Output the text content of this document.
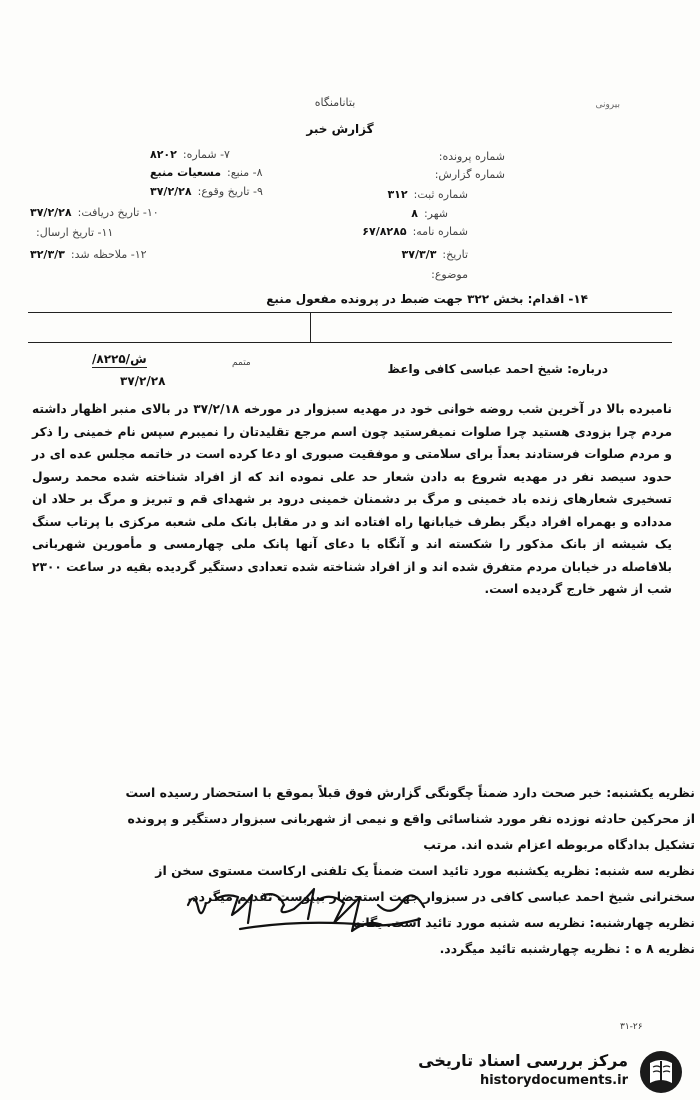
بیرونی
بتانامنگاه
گزارش خبر
شماره پرونده:
شماره گزارش:
شماره ثبت:۳۱۲
شهر:۸
شماره نامه:۶۷/۸۲۸۵
تاریخ:۳۷/۳/۳
موضوع:
۷- شماره:۸۲۰۲
۸- منبع:مسعیات منبع
۹- تاریخ وقوع:۳۷/۲/۲۸
۱۰- تاریخ دریافت:۳۷/۲/۲۸
۱۱- تاریخ ارسال:
۱۲- ملاحظه شد:۳۲/۳/۳
۱۴- اقدام: بخش ۳۲۲ جهت ضبط در پرونده مفعول منبع
درباره: شیخ احمد عباسی کافی واعظ
/۸۲۲۵/ش
۳۷/۲/۲۸
متمم

نامبرده بالا در آخرین شب روضه خوانی خود در مهدیه سبزوار در مورخه ۳۷/۲/۱۸ در بالای منبر اظهار داشته مردم چرا بزودی هستید چرا صلوات نمیفرستید چون اسم مرجع تقلیدتان را نمیبرم سپس نام خمینی را ذکر و مردم صلوات فرستادند بعداً برای سلامتی و موفقیت صبوری او دعا کرده است در خاتمه مجلس عده ای در حدود سیصد نفر در مهدیه شروع به دادن شعار حد علی نموده اند که از افراد شناخته شده محمد رسول تسخیری شعارهای زنده باد خمینی و مرگ بر دشمنان خمینی درود بر شهدای قم و تبریز و مرگ بر حلاد ان مدداده و بهمراه افراد دیگر بطرف خیابانها راه افتاده اند و در مقابل بانک ملی شعبه مرکزی با پرتاب سنگ یک شیشه از بانک مذکور را شکسته اند و آنگاه با دعای آنها پانک ملی چهارمسی و مأمورین شهربانی بلافاصله در خیابان مردم متفرق شده اند و از افراد شناخته شده تعدادی دستگیر گردیده بقیه در ساعت ۲۳۰۰ شب از شهر خارج گردیده است.

نظریه یکشنبه: خبر صحت دارد ضمناً چگونگی گزارش فوق قبلاً بموقع با استحضار رسیده است از محرکین حادثه نوزده نفر مورد شناسائی واقع و نیمی از شهربانی سبزوار دستگیر و پرونده تشکیل بدادگاه مربوطه اعزام شده اند. مرتب

نظریه سه شنبه: نظریه یکشنبه مورد تائید است ضمناً یک تلفنی ارکاست مستوی سخن از سخنرانی شیخ احمد عباسی کافی در سبزوار جهت استحضار بپیوست تقدیم میگردد.

نظریه چهارشنبه: نظریه سه شنبه مورد تائید است. یگانه

نظریه ۸ ه : نظریه چهارشنبه تائید میگردد.

۳۱-۲۶
مرکز بررسی اسناد تاریخی
historydocuments.ir
